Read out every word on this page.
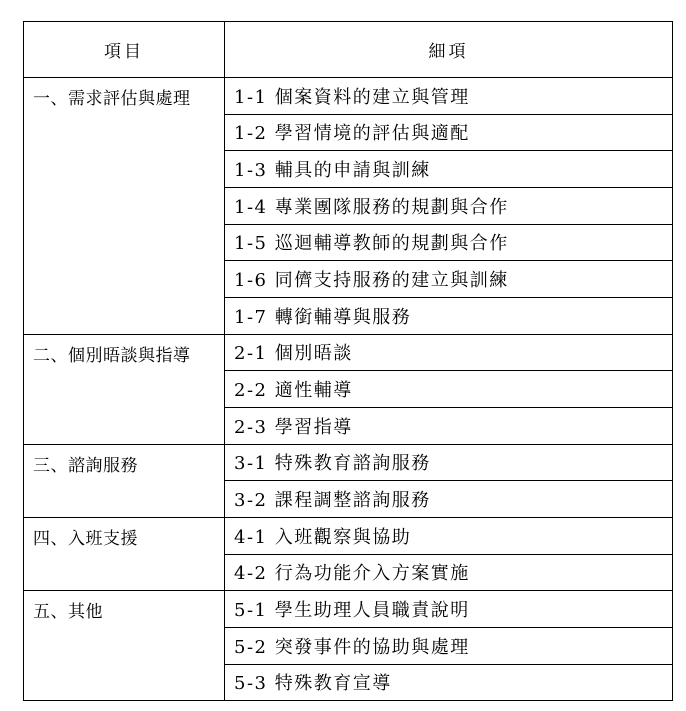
項目	細項
一、需求評估與處理	1-1 個案資料的建立與管理
	1-2 學習情境的評估與適配
	1-3 輔具的申請與訓練
	1-4 專業團隊服務的規劃與合作
	1-5 巡迴輔導教師的規劃與合作
	1-6 同儕支持服務的建立與訓練
	1-7 轉銜輔導與服務
二、個別晤談與指導	2-1 個別晤談
	2-2 適性輔導
	2-3 學習指導
三、諮詢服務	3-1 特殊教育諮詢服務
	3-2 課程調整諮詢服務
四、入班支援	4-1 入班觀察與協助
	4-2 行為功能介入方案實施
五、其他	5-1 學生助理人員職責說明
	5-2 突發事件的協助與處理
	5-3 特殊教育宣導
